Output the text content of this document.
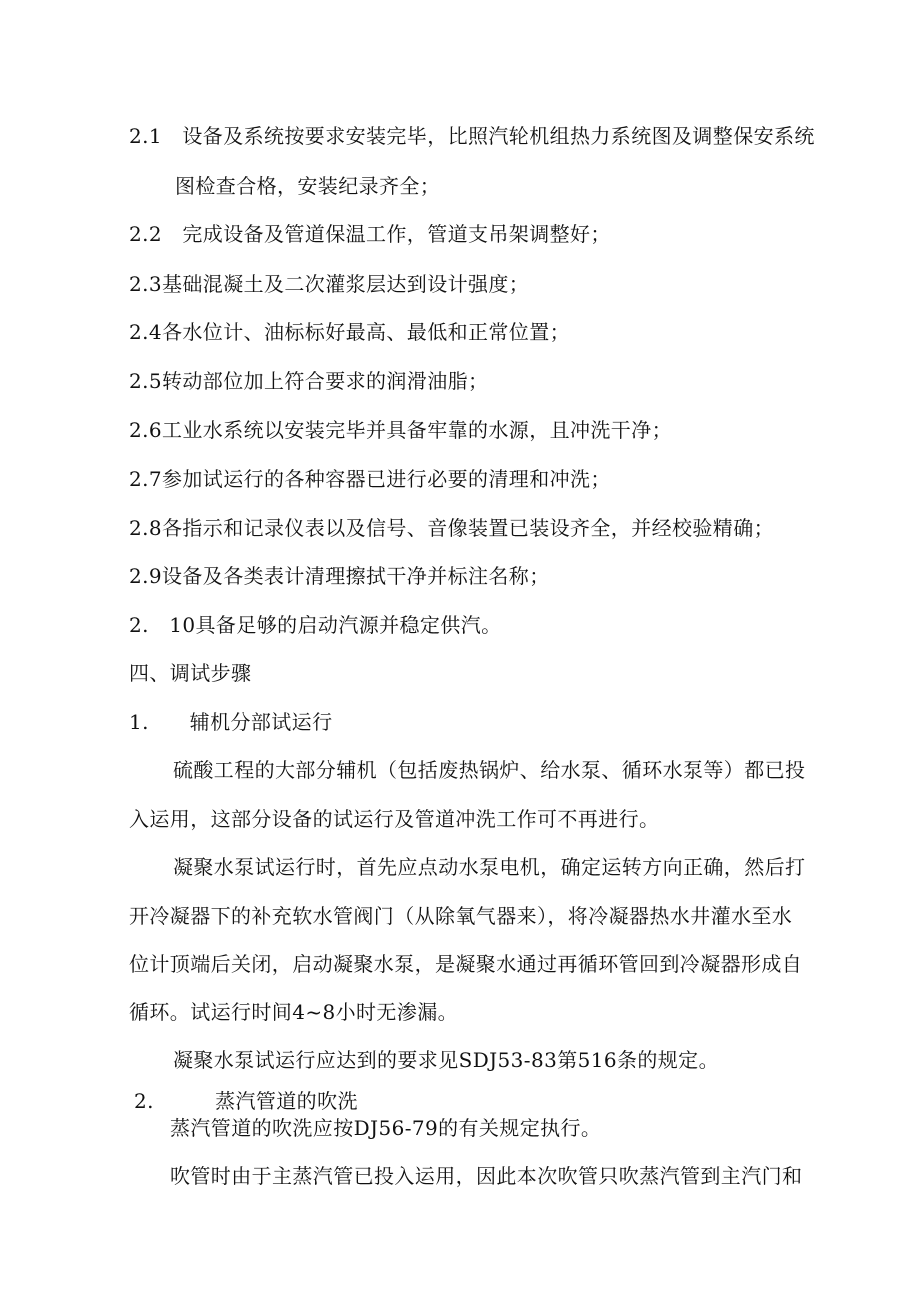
2.1　设备及系统按要求安装完毕，比照汽轮机组热力系统图及调整保安系统
图检查合格，安装纪录齐全；
2.2　完成设备及管道保温工作，管道支吊架调整好；
2.3基础混凝土及二次灌浆层达到设计强度；
2.4各水位计、油标标好最高、最低和正常位置；
2.5转动部位加上符合要求的润滑油脂；
2.6工业水系统以安装完毕并具备牢靠的水源，且冲洗干净；
2.7参加试运行的各种容器已进行必要的清理和冲洗；
2.8各指示和记录仪表以及信号、音像装置已装设齐全，并经校验精确；
2.9设备及各类表计清理擦拭干净并标注名称；
2.　10具备足够的启动汽源并稳定供汽。
四、调试步骤
1.　　辅机分部试运行
硫酸工程的大部分辅机（包括废热锅炉、给水泵、循环水泵等）都已投
入运用，这部分设备的试运行及管道冲洗工作可不再进行。
凝聚水泵试运行时，首先应点动水泵电机，确定运转方向正确，然后打
开冷凝器下的补充软水管阀门（从除氧气器来），将冷凝器热水井灌水至水
位计顶端后关闭，启动凝聚水泵，是凝聚水通过再循环管回到冷凝器形成自
循环。试运行时间4~8小时无渗漏。
凝聚水泵试运行应达到的要求见SDJ53-83第516条的规定。
2.　　　蒸汽管道的吹洗
蒸汽管道的吹洗应按DJ56-79的有关规定执行。
吹管时由于主蒸汽管已投入运用，因此本次吹管只吹蒸汽管到主汽门和
